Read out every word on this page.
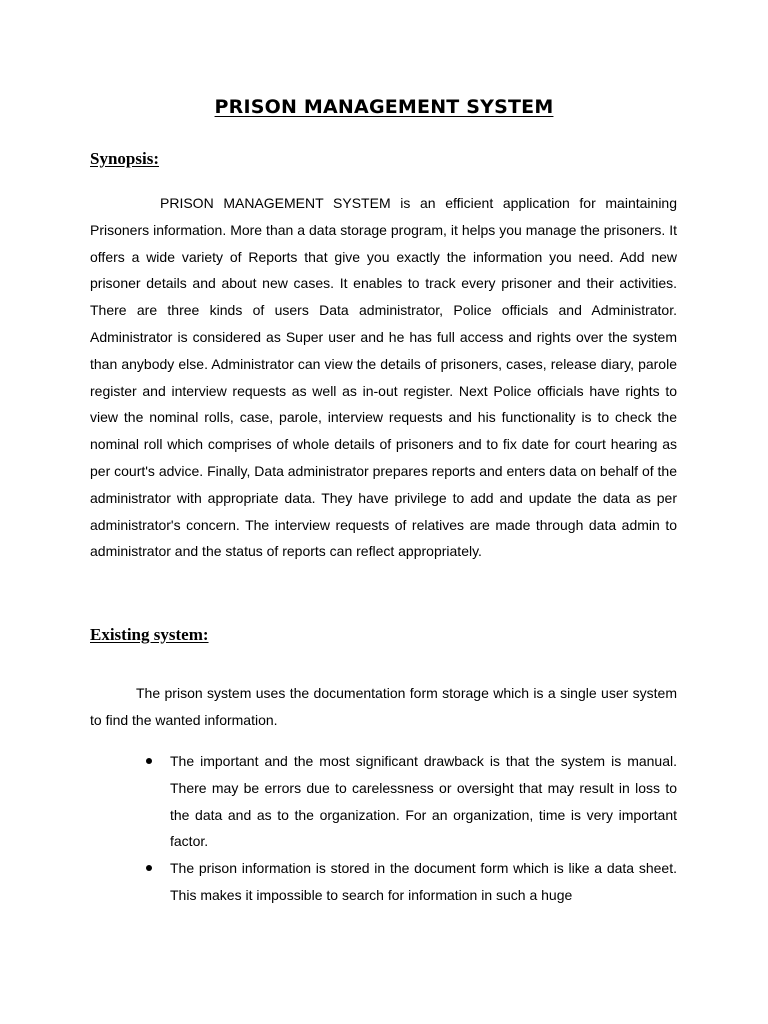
PRISON MANAGEMENT SYSTEM
Synopsis:

PRISON MANAGEMENT SYSTEM is an efficient application for maintaining Prisoners information. More than a data storage program, it helps you manage the prisoners. It offers a wide variety of Reports that give you exactly the information you need. Add new prisoner details and about new cases. It enables to track every prisoner and their activities. There are three kinds of users Data administrator, Police officials and Administrator. Administrator is considered as Super user and he has full access and rights over the system than anybody else. Administrator can view the details of prisoners, cases, release diary, parole register and interview requests as well as in-out register. Next Police officials have rights to view the nominal rolls, case, parole, interview requests and his functionality is to check the nominal roll which comprises of whole details of prisoners and to fix date for court hearing as per court's advice. Finally, Data administrator prepares reports and enters data on behalf of the administrator with appropriate data. They have privilege to add and update the data as per administrator's concern. The interview requests of relatives are made through data admin to administrator and the status of reports can reflect appropriately.

Existing system:

The prison system uses the documentation form storage which is a single user system to find the wanted information.

The important and the most significant drawback is that the system is manual. There may be errors due to carelessness or oversight that may result in loss to the data and as to the organization. For an organization, time is very important factor.
The prison information is stored in the document form which is like a data sheet. This makes it impossible to search for information in such a huge
